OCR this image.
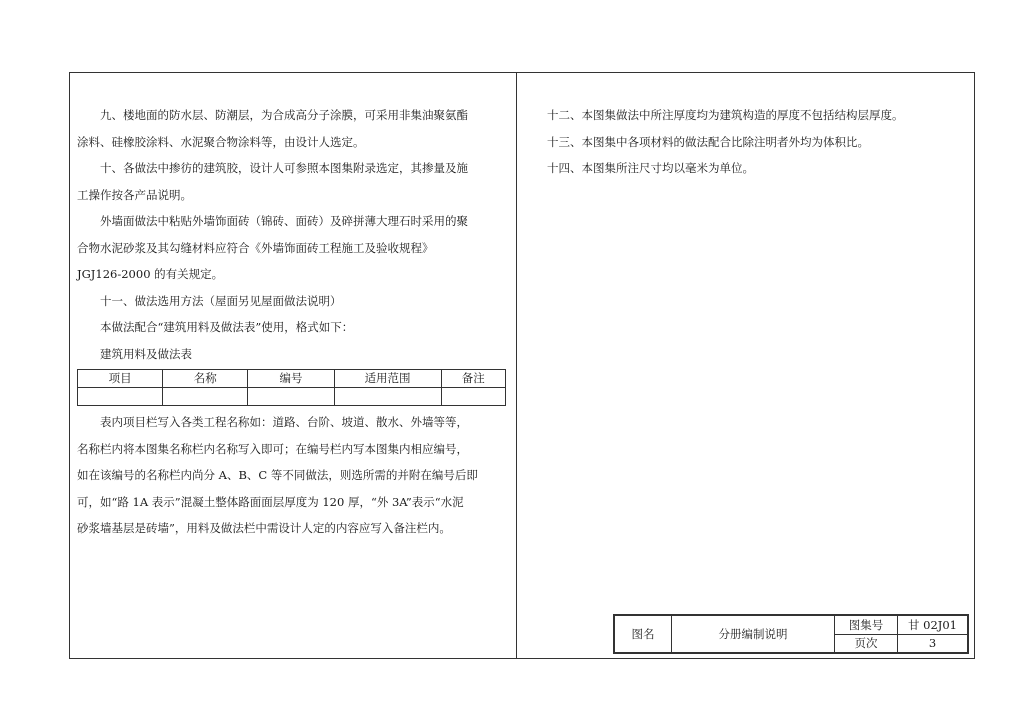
九、楼地面的防水层、防潮层，为合成高分子涂膜，可采用非集油聚氨酯

涂料、硅橡胶涂料、水泥聚合物涂料等，由设计人选定。

十、各做法中掺彷的建筑胶，设计人可参照本图集附录选定，其掺量及施

工操作按各产品说明。

外墙面做法中粘贴外墙饰面砖（锦砖、面砖）及碎拼薄大理石时采用的聚

合物水泥砂浆及其勾缝材料应符合《外墙饰面砖工程施工及验收规程》

JGJ126-2000 的有关规定。

十一、做法选用方法（屋面另见屋面做法说明）

本做法配合“建筑用料及做法表”使用，格式如下：

建筑用料及做法表

项目	名称	编号	适用范围	备注

表内项目栏写入各类工程名称如：道路、台阶、坡道、散水、外墙等等，

名称栏内将本图集名称栏内名称写入即可；在编号栏内写本图集内相应编号，

如在该编号的名称栏内尚分 A、B、C 等不同做法，则选所需的并附在编号后即

可，如“路 1A 表示”混凝土整体路面面层厚度为 120 厚，“外 3A”表示“水泥

砂浆墙基层是砖墙”，用料及做法栏中需设计人定的内容应写入备注栏内。

十二、本图集做法中所注厚度均为建筑构造的厚度不包括结构层厚度。

十三、本图集中各项材料的做法配合比除注明者外均为体积比。

十四、本图集所注尺寸均以毫米为单位。

图名	分册编制说明	图集号	甘 02J01
		页次	3
